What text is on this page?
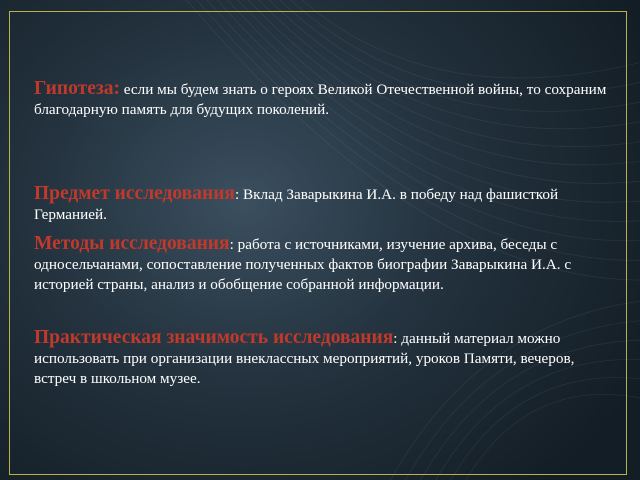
Гипотеза: если мы будем знать о героях Великой Отечественной войны, то сохраним благодарную память для будущих поколений.
Предмет исследования: Вклад Заварыкина И.А. в победу над фашисткой Германией.
Методы исследования: работа с источниками, изучение архива, беседы с односельчанами, сопоставление полученных фактов биографии Заварыкина И.А. с историей страны, анализ и обобщение собранной информации.
Практическая значимость исследования: данный материал можно использовать при организации внеклассных мероприятий, уроков Памяти, вечеров, встреч в школьном музее.
